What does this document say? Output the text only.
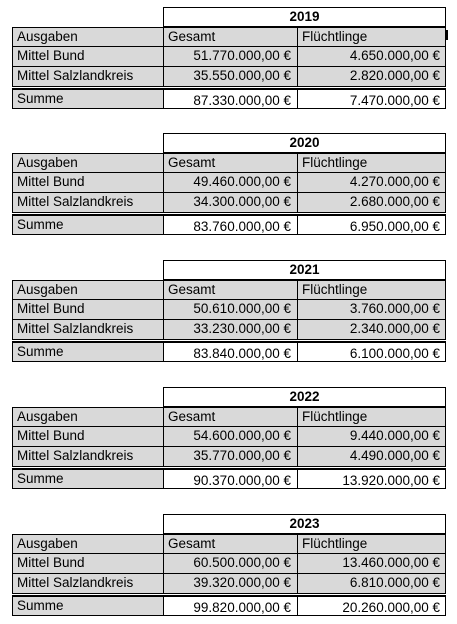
2019
Ausgaben	Gesamt	Flüchtlinge
Mittel Bund	51.770.000,00 €	4.650.000,00 €
Mittel Salzlandkreis	35.550.000,00 €	2.820.000,00 €
Summe	87.330.000,00 €	7.470.000,00 €
2020
Ausgaben	Gesamt	Flüchtlinge
Mittel Bund	49.460.000,00 €	4.270.000,00 €
Mittel Salzlandkreis	34.300.000,00 €	2.680.000,00 €
Summe	83.760.000,00 €	6.950.000,00 €
2021
Ausgaben	Gesamt	Flüchtlinge
Mittel Bund	50.610.000,00 €	3.760.000,00 €
Mittel Salzlandkreis	33.230.000,00 €	2.340.000,00 €
Summe	83.840.000,00 €	6.100.000,00 €
2022
Ausgaben	Gesamt	Flüchtlinge
Mittel Bund	54.600.000,00 €	9.440.000,00 €
Mittel Salzlandkreis	35.770.000,00 €	4.490.000,00 €
Summe	90.370.000,00 €	13.920.000,00 €
2023
Ausgaben	Gesamt	Flüchtlinge
Mittel Bund	60.500.000,00 €	13.460.000,00 €
Mittel Salzlandkreis	39.320.000,00 €	6.810.000,00 €
Summe	99.820.000,00 €	20.260.000,00 €
